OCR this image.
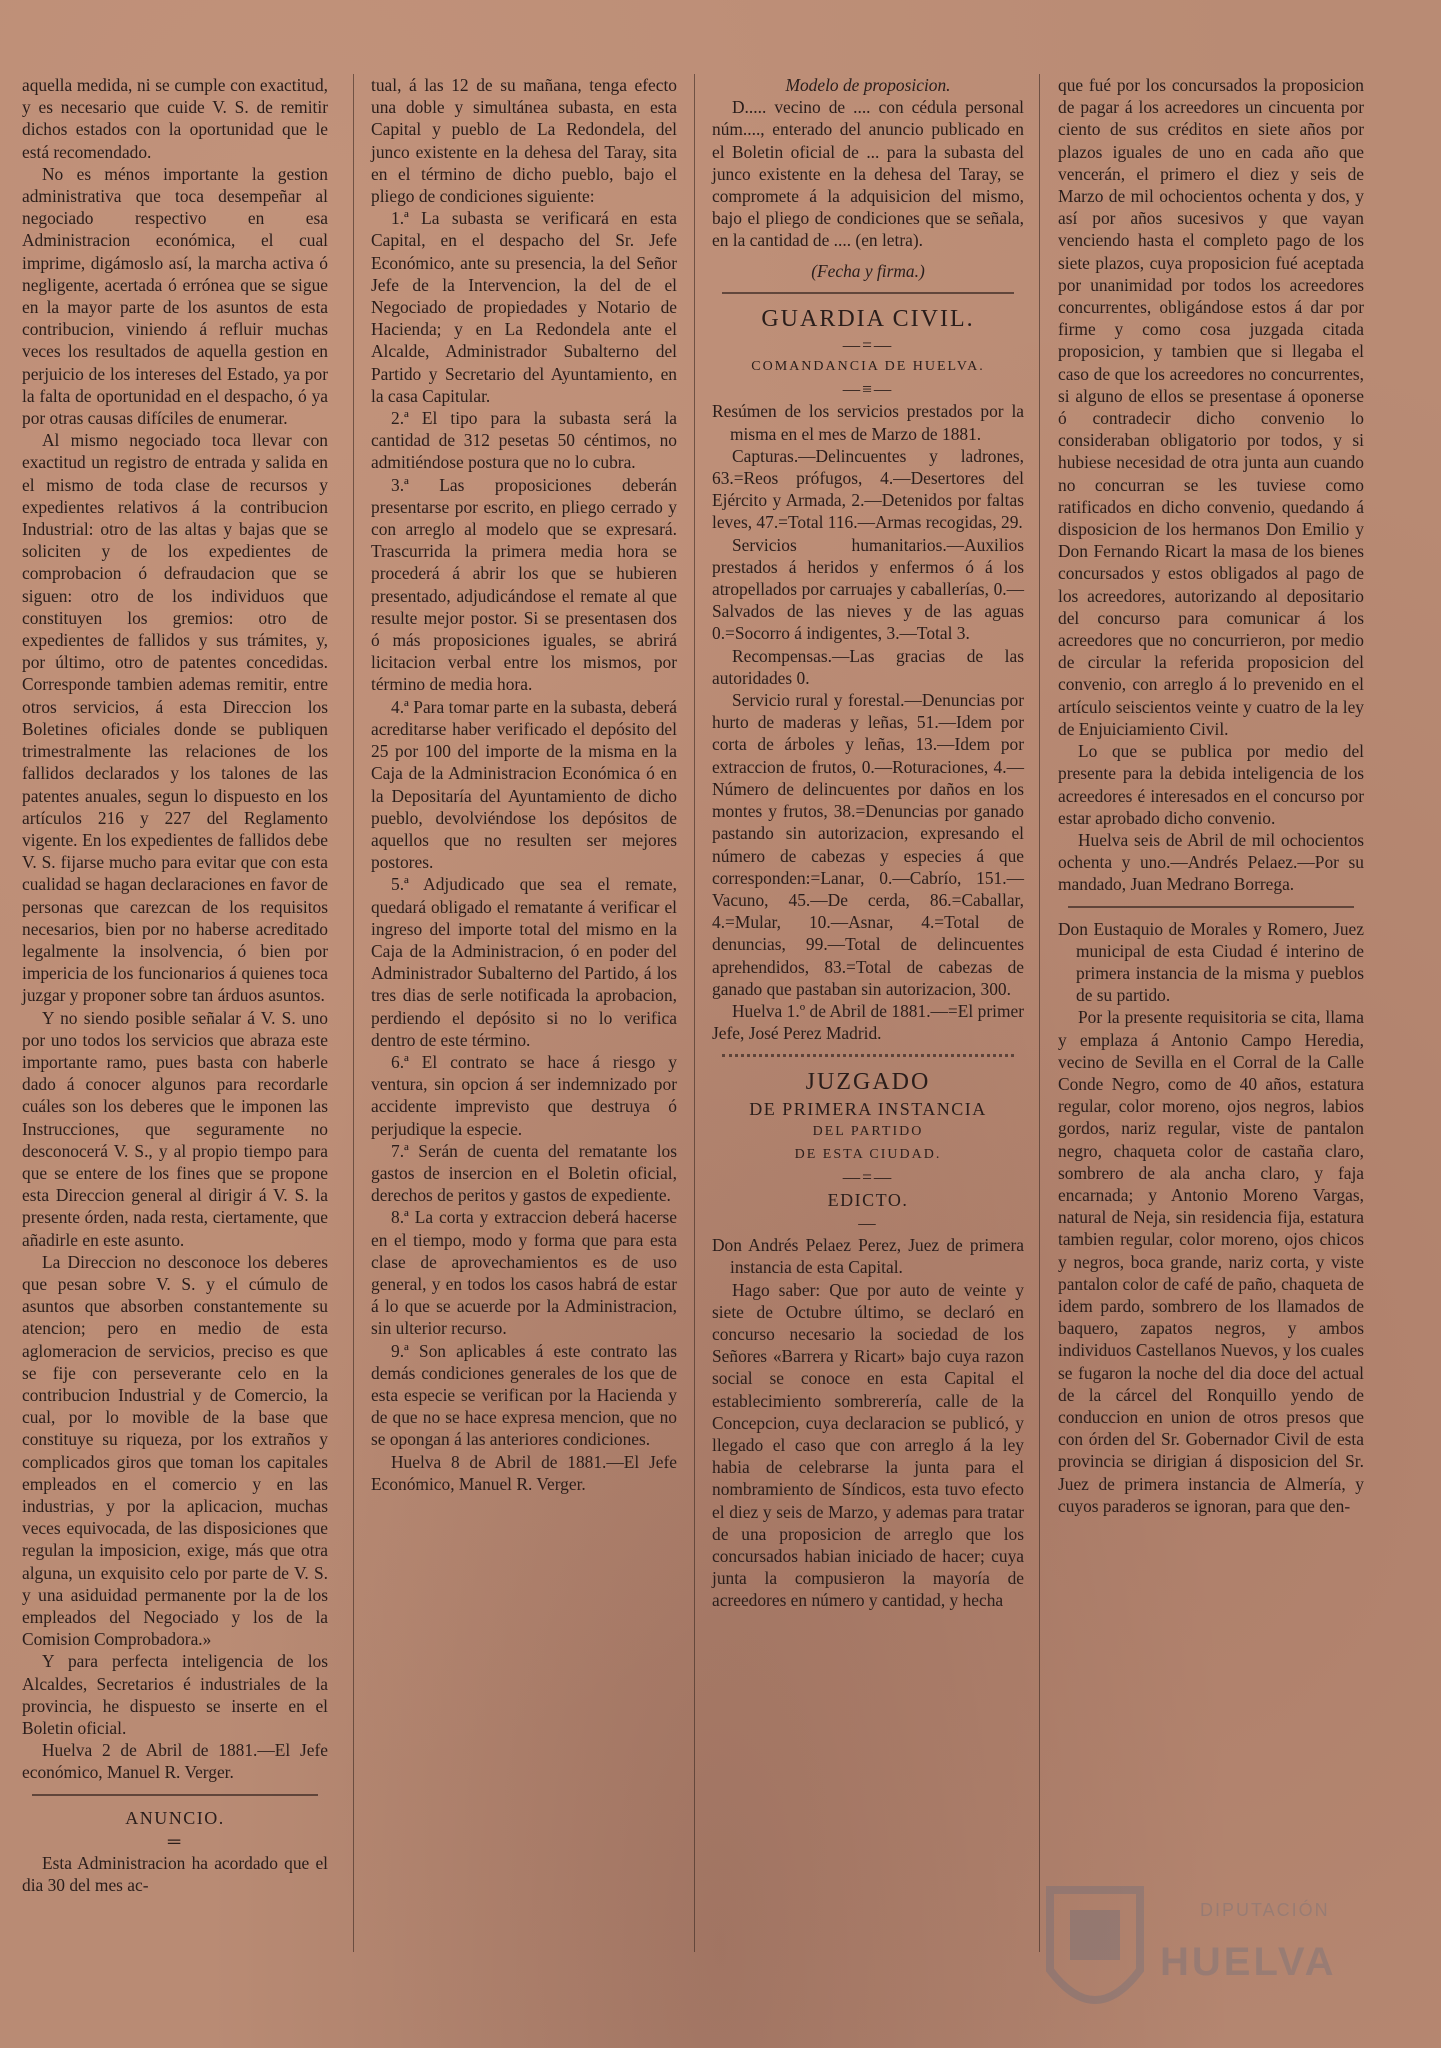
aquella medida, ni se cumple con exactitud, y es necesario que cuide V. S. de remitir dichos estados con la oportunidad que le está recomendado.

No es ménos importante la gestion administrativa que toca desempeñar al negociado respectivo en esa Administracion económica, el cual imprime, digámoslo así, la marcha activa ó negligente, acertada ó errónea que se sigue en la mayor parte de los asuntos de esta contribucion, viniendo á refluir muchas veces los resultados de aquella gestion en perjuicio de los intereses del Estado, ya por la falta de oportunidad en el despacho, ó ya por otras causas difíciles de enumerar.

Al mismo negociado toca llevar con exactitud un registro de entrada y salida en el mismo de toda clase de recursos y expedientes relativos á la contribucion Industrial: otro de las altas y bajas que se soliciten y de los expedientes de comprobacion ó defraudacion que se siguen: otro de los individuos que constituyen los gremios: otro de expedientes de fallidos y sus trámites, y, por último, otro de patentes concedidas. Corresponde tambien ademas remitir, entre otros servicios, á esta Direccion los Boletines oficiales donde se publiquen trimestralmente las relaciones de los fallidos declarados y los talones de las patentes anuales, segun lo dispuesto en los artículos 216 y 227 del Reglamento vigente. En los expedientes de fallidos debe V. S. fijarse mucho para evitar que con esta cualidad se hagan declaraciones en favor de personas que carezcan de los requisitos necesarios, bien por no haberse acreditado legalmente la insolvencia, ó bien por impericia de los funcionarios á quienes toca juzgar y proponer sobre tan árduos asuntos.

Y no siendo posible señalar á V. S. uno por uno todos los servicios que abraza este importante ramo, pues basta con haberle dado á conocer algunos para recordarle cuáles son los deberes que le imponen las Instrucciones, que seguramente no desconocerá V. S., y al propio tiempo para que se entere de los fines que se propone esta Direccion general al dirigir á V. S. la presente órden, nada resta, ciertamente, que añadirle en este asunto.

La Direccion no desconoce los deberes que pesan sobre V. S. y el cúmulo de asuntos que absorben constantemente su atencion; pero en medio de esta aglomeracion de servicios, preciso es que se fije con perseverante celo en la contribucion Industrial y de Comercio, la cual, por lo movible de la base que constituye su riqueza, por los extraños y complicados giros que toman los capitales empleados en el comercio y en las industrias, y por la aplicacion, muchas veces equivocada, de las disposiciones que regulan la imposicion, exige, más que otra alguna, un exquisito celo por parte de V. S. y una asiduidad permanente por la de los empleados del Negociado y los de la Comision Comprobadora.»

Y para perfecta inteligencia de los Alcaldes, Secretarios é industriales de la provincia, he dispuesto se inserte en el Boletin oficial.

Huelva 2 de Abril de 1881.—El Jefe económico, Manuel R. Verger.

ANUNCIO.

═

Esta Administracion ha acordado que el dia 30 del mes ac-

tual, á las 12 de su mañana, tenga efecto una doble y simultánea subasta, en esta Capital y pueblo de La Redondela, del junco existente en la dehesa del Taray, sita en el término de dicho pueblo, bajo el pliego de condiciones siguiente:

1.ª La subasta se verificará en esta Capital, en el despacho del Sr. Jefe Económico, ante su presencia, la del Señor Jefe de la Intervencion, la del de el Negociado de propiedades y Notario de Hacienda; y en La Redondela ante el Alcalde, Administrador Subalterno del Partido y Secretario del Ayuntamiento, en la casa Capitular.

2.ª El tipo para la subasta será la cantidad de 312 pesetas 50 céntimos, no admitiéndose postura que no lo cubra.

3.ª Las proposiciones deberán presentarse por escrito, en pliego cerrado y con arreglo al modelo que se expresará. Trascurrida la primera media hora se procederá á abrir los que se hubieren presentado, adjudicándose el remate al que resulte mejor postor. Si se presentasen dos ó más proposiciones iguales, se abrirá licitacion verbal entre los mismos, por término de media hora.

4.ª Para tomar parte en la subasta, deberá acreditarse haber verificado el depósito del 25 por 100 del importe de la misma en la Caja de la Administracion Económica ó en la Depositaría del Ayuntamiento de dicho pueblo, devolviéndose los depósitos de aquellos que no resulten ser mejores postores.

5.ª Adjudicado que sea el remate, quedará obligado el rematante á verificar el ingreso del importe total del mismo en la Caja de la Administracion, ó en poder del Administrador Subalterno del Partido, á los tres dias de serle notificada la aprobacion, perdiendo el depósito si no lo verifica dentro de este término.

6.ª El contrato se hace á riesgo y ventura, sin opcion á ser indemnizado por accidente imprevisto que destruya ó perjudique la especie.

7.ª Serán de cuenta del rematante los gastos de insercion en el Boletin oficial, derechos de peritos y gastos de expediente.

8.ª La corta y extraccion deberá hacerse en el tiempo, modo y forma que para esta clase de aprovechamientos es de uso general, y en todos los casos habrá de estar á lo que se acuerde por la Administracion, sin ulterior recurso.

9.ª Son aplicables á este contrato las demás condiciones generales de los que de esta especie se verifican por la Hacienda y de que no se hace expresa mencion, que no se opongan á las anteriores condiciones.

Huelva 8 de Abril de 1881.—El Jefe Económico, Manuel R. Verger.

Modelo de proposicion.

D..... vecino de .... con cédula personal núm...., enterado del anuncio publicado en el Boletin oficial de ... para la subasta del junco existente en la dehesa del Taray, se compromete á la adquisicion del mismo, bajo el pliego de condiciones que se señala, en la cantidad de .... (en letra).

(Fecha y firma.)

GUARDIA CIVIL.

—=—

COMANDANCIA DE HUELVA.

—≡—

Resúmen de los servicios prestados por la misma en el mes de Marzo de 1881.

Capturas.—Delincuentes y ladrones, 63.=Reos prófugos, 4.—Desertores del Ejército y Armada, 2.—Detenidos por faltas leves, 47.=Total 116.—Armas recogidas, 29.

Servicios humanitarios.—Auxilios prestados á heridos y enfermos ó á los atropellados por carruajes y caballerías, 0.—Salvados de las nieves y de las aguas 0.=Socorro á indigentes, 3.—Total 3.

Recompensas.—Las gracias de las autoridades 0.

Servicio rural y forestal.—Denuncias por hurto de maderas y leñas, 51.—Idem por corta de árboles y leñas, 13.—Idem por extraccion de frutos, 0.—Roturaciones, 4.—Número de delincuentes por daños en los montes y frutos, 38.=Denuncias por ganado pastando sin autorizacion, expresando el número de cabezas y especies á que corresponden:=Lanar, 0.—Cabrío, 151.—Vacuno, 45.—De cerda, 86.=Caballar, 4.=Mular, 10.—Asnar, 4.=Total de denuncias, 99.—Total de delincuentes aprehendidos, 83.=Total de cabezas de ganado que pastaban sin autorizacion, 300.

Huelva 1.º de Abril de 1881.—=El primer Jefe, José Perez Madrid.

JUZGADO

DE PRIMERA INSTANCIA

DEL PARTIDO

DE ESTA CIUDAD.

—=—

EDICTO.

—

Don Andrés Pelaez Perez, Juez de primera instancia de esta Capital.

Hago saber: Que por auto de veinte y siete de Octubre último, se declaró en concurso necesario la sociedad de los Señores «Barrera y Ricart» bajo cuya razon social se conoce en esta Capital el establecimiento sombrerería, calle de la Concepcion, cuya declaracion se publicó, y llegado el caso que con arreglo á la ley habia de celebrarse la junta para el nombramiento de Síndicos, esta tuvo efecto el diez y seis de Marzo, y ademas para tratar de una proposicion de arreglo que los concursados habian iniciado de hacer; cuya junta la compusieron la mayoría de acreedores en número y cantidad, y hecha

que fué por los concursados la proposicion de pagar á los acreedores un cincuenta por ciento de sus créditos en siete años por plazos iguales de uno en cada año que vencerán, el primero el diez y seis de Marzo de mil ochocientos ochenta y dos, y así por años sucesivos y que vayan venciendo hasta el completo pago de los siete plazos, cuya proposicion fué aceptada por unanimidad por todos los acreedores concurrentes, obligándose estos á dar por firme y como cosa juzgada citada proposicion, y tambien que si llegaba el caso de que los acreedores no concurrentes, si alguno de ellos se presentase á oponerse ó contradecir dicho convenio lo consideraban obligatorio por todos, y si hubiese necesidad de otra junta aun cuando no concurran se les tuviese como ratificados en dicho convenio, quedando á disposicion de los hermanos Don Emilio y Don Fernando Ricart la masa de los bienes concursados y estos obligados al pago de los acreedores, autorizando al depositario del concurso para comunicar á los acreedores que no concurrieron, por medio de circular la referida proposicion del convenio, con arreglo á lo prevenido en el artículo seiscientos veinte y cuatro de la ley de Enjuiciamiento Civil.

Lo que se publica por medio del presente para la debida inteligencia de los acreedores é interesados en el concurso por estar aprobado dicho convenio.

Huelva seis de Abril de mil ochocientos ochenta y uno.—Andrés Pelaez.—Por su mandado, Juan Medrano Borrega.

Don Eustaquio de Morales y Romero, Juez municipal de esta Ciudad é interino de primera instancia de la misma y pueblos de su partido.

Por la presente requisitoria se cita, llama y emplaza á Antonio Campo Heredia, vecino de Sevilla en el Corral de la Calle Conde Negro, como de 40 años, estatura regular, color moreno, ojos negros, labios gordos, nariz regular, viste de pantalon negro, chaqueta color de castaña claro, sombrero de ala ancha claro, y faja encarnada; y Antonio Moreno Vargas, natural de Neja, sin residencia fija, estatura tambien regular, color moreno, ojos chicos y negros, boca grande, nariz corta, y viste pantalon color de café de paño, chaqueta de idem pardo, sombrero de los llamados de baquero, zapatos negros, y ambos individuos Castellanos Nuevos, y los cuales se fugaron la noche del dia doce del actual de la cárcel del Ronquillo yendo de conduccion en union de otros presos que con órden del Sr. Gobernador Civil de esta provincia se dirigian á disposicion del Sr. Juez de primera instancia de Almería, y cuyos paraderos se ignoran, para que den-

DIPUTACIÓN
HUELVA
